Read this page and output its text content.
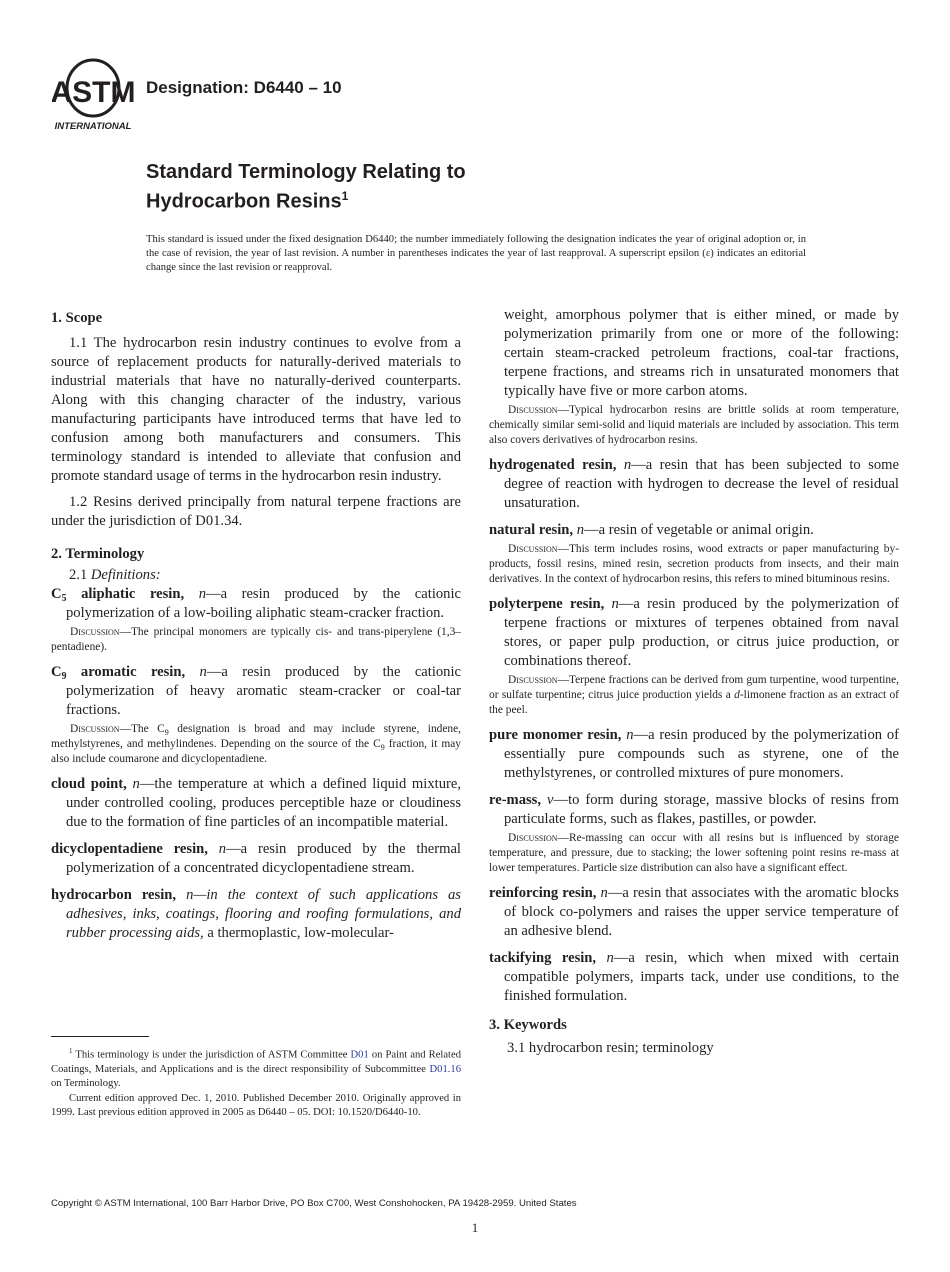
ASTM
INTERNATIONAL
Designation: D6440 – 10
Standard Terminology Relating to
Hydrocarbon Resins$^1$
This standard is issued under the fixed designation D6440; the number immediately following the designation indicates the year of original adoption or, in the case of revision, the year of last revision. A number in parentheses indicates the year of last reapproval. A superscript epsilon (ε) indicates an editorial change since the last revision or reapproval.
1. Scope

1.1 The hydrocarbon resin industry continues to evolve from a source of replacement products for naturally-derived materials to industrial materials that have no naturally-derived counterparts. Along with this changing character of the industry, various manufacturing participants have introduced terms that have led to confusion among both manufacturers and consumers. This terminology standard is intended to alleviate that confusion and promote standard usage of terms in the hydrocarbon resin industry.

1.2 Resins derived principally from natural terpene fractions are under the jurisdiction of D01.34.

2. Terminology

2.1 Definitions:

$C_5$ aliphatic resin, n—a resin produced by the cationic polymerization of a low-boiling aliphatic steam-cracker fraction.

Discussion—The principal monomers are typically cis- and trans-piperylene (1,3–pentadiene).

$C_9$ aromatic resin, n—a resin produced by the cationic polymerization of heavy aromatic steam-cracker or coal-tar fractions.

Discussion—The $C_9$ designation is broad and may include styrene, indene, methylstyrenes, and methylindenes. Depending on the source of the $C_9$ fraction, it may also include coumarone and dicyclopentadiene.

cloud point, n—the temperature at which a defined liquid mixture, under controlled cooling, produces perceptible haze or cloudiness due to the formation of fine particles of an incompatible material.

dicyclopentadiene resin, n—a resin produced by the thermal polymerization of a concentrated dicyclopentadiene stream.

hydrocarbon resin, n—in the context of such applications as adhesives, inks, coatings, flooring and roofing formulations, and rubber processing aids, a thermoplastic, low-molecular-

weight, amorphous polymer that is either mined, or made by polymerization primarily from one or more of the following: certain steam-cracked petroleum fractions, coal-tar fractions, terpene fractions, and streams rich in unsaturated monomers that typically have five or more carbon atoms.

Discussion—Typical hydrocarbon resins are brittle solids at room temperature, chemically similar semi-solid and liquid materials are included by association. This term also covers derivatives of hydrocarbon resins.

hydrogenated resin, n—a resin that has been subjected to some degree of reaction with hydrogen to decrease the level of residual unsaturation.

natural resin, n—a resin of vegetable or animal origin.

Discussion—This term includes rosins, wood extracts or paper manufacturing by-products, fossil resins, mined resin, secretion products from insects, and their main derivatives. In the context of hydrocarbon resins, this refers to mined bituminous resins.

polyterpene resin, n—a resin produced by the polymerization of terpene fractions or mixtures of terpenes obtained from naval stores, or paper pulp production, or citrus juice production, or combinations thereof.

Discussion—Terpene fractions can be derived from gum turpentine, wood turpentine, or sulfate turpentine; citrus juice production yields a d-limonene fraction as an extract of the peel.

pure monomer resin, n—a resin produced by the polymerization of essentially pure compounds such as styrene, one of the methylstyrenes, or controlled mixtures of pure monomers.

re-mass, v—to form during storage, massive blocks of resins from particulate forms, such as flakes, pastilles, or powder.

Discussion—Re-massing can occur with all resins but is influenced by storage temperature, and pressure, due to stacking; the lower softening point resins re-mass at lower temperatures. Particle size distribution can also have a significant effect.

reinforcing resin, n—a resin that associates with the aromatic blocks of block co-polymers and raises the upper service temperature of an adhesive blend.

tackifying resin, n—a resin, which when mixed with certain compatible polymers, imparts tack, under use conditions, to the finished formulation.

3. Keywords

3.1 hydrocarbon resin; terminology

$^1$ This terminology is under the jurisdiction of ASTM Committee D01 on Paint and Related Coatings, Materials, and Applications and is the direct responsibility of Subcommittee D01.16 on Terminology.

Current edition approved Dec. 1, 2010. Published December 2010. Originally approved in 1999. Last previous edition approved in 2005 as D6440 – 05. DOI: 10.1520/D6440-10.

Copyright © ASTM International, 100 Barr Harbor Drive, PO Box C700, West Conshohocken, PA 19428-2959. United States
1
